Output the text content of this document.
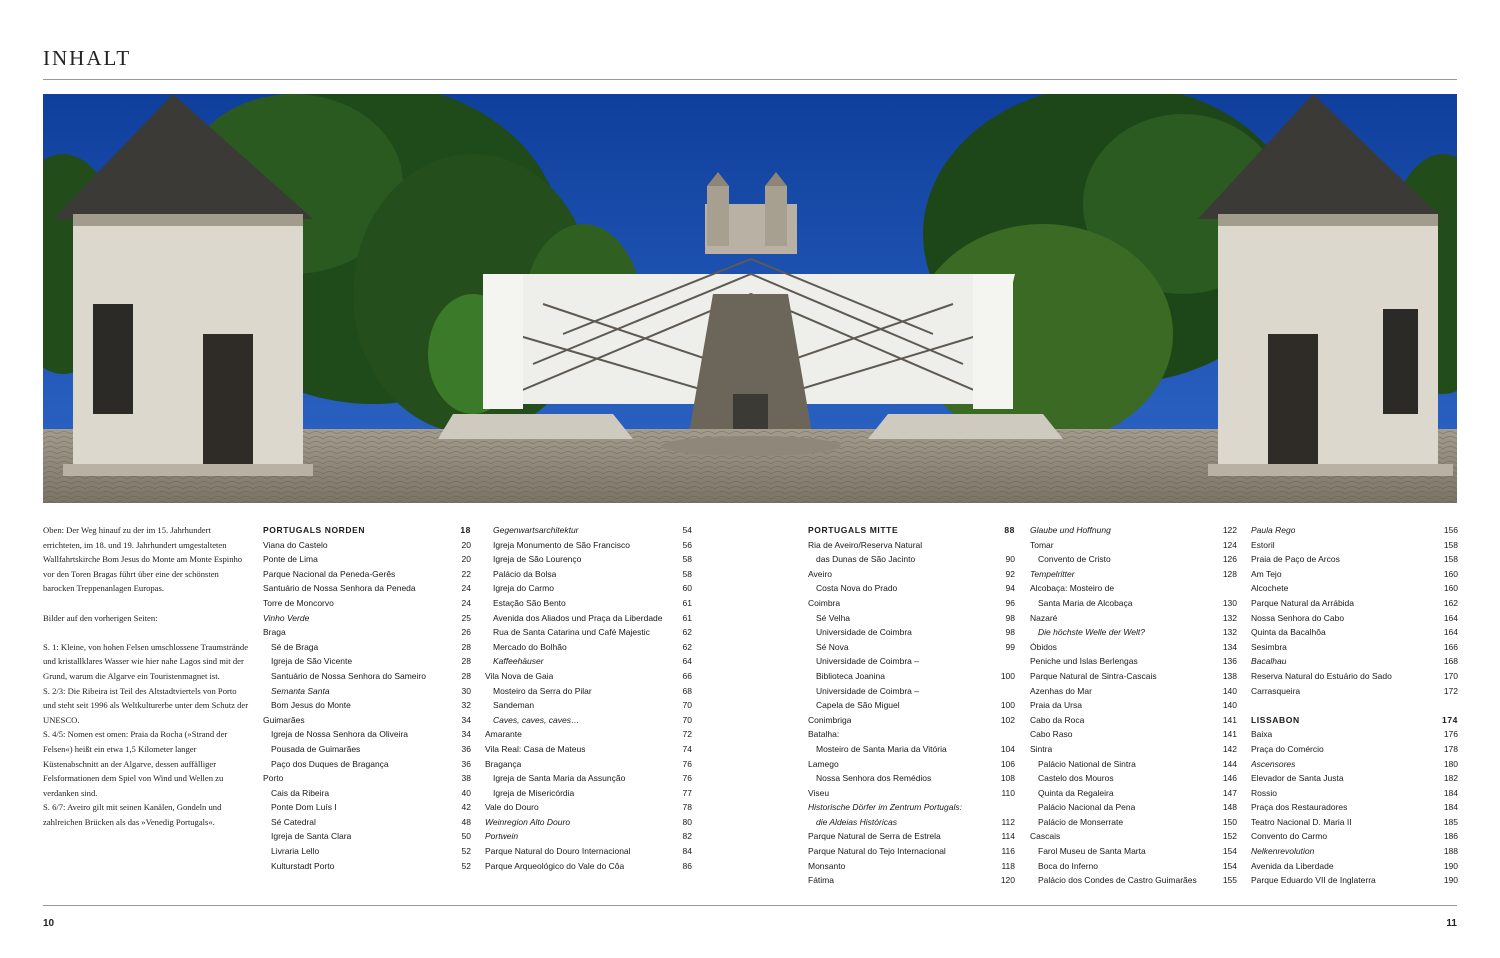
INHALT

Oben: Der Weg hinauf zu der im 15. Jahrhundert errichteten, im 18. und 19. Jahrhundert umgestalteten Wallfahrtskirche Bom Jesus do Monte am Monte Espinho vor den Toren Bragas führt über eine der schönsten barocken Treppenanlagen Europas.

Bilder auf den vorherigen Seiten:

S. 1: Kleine, von hohen Felsen umschlossene Traumstrände und kristallklares Wasser wie hier nahe Lagos sind mit der Grund, warum die Algarve ein Touristenmagnet ist.

S. 2/3: Die Ribeira ist Teil des Altstadtviertels von Porto und steht seit 1996 als Weltkulturerbe unter dem Schutz der UNESCO.

S. 4/5: Nomen est omen: Praia da Rocha (»Strand der Felsen«) heißt ein etwa 1,5 Kilometer langer Küstenabschnitt an der Algarve, dessen auffälliger Felsformationen dem Spiel von Wind und Wellen zu verdanken sind.

S. 6/7: Aveiro gilt mit seinen Kanälen, Gondeln und zahlreichen Brücken als das »Venedig Portugals«.

PORTUGALS NORDEN	18
Viana do Castelo	20
Ponte de Lima	20
Parque Nacional da Peneda-Gerês	22
Santuário de Nossa Senhora da Peneda	24
Torre de Moncorvo	24
Vinho Verde	25
Braga	26
Sé de Braga	28
Igreja de São Vicente	28
Santuário de Nossa Senhora do Sameiro	28
Semanta Santa	30
Bom Jesus do Monte	32
Guimarães	34
Igreja de Nossa Senhora da Oliveira	34
Pousada de Guimarães	36
Paço dos Duques de Bragança	36
Porto	38
Cais da Ribeira	40
Ponte Dom Luís I	42
Sé Catedral	48
Igreja de Santa Clara	50
Livraria Lello	52
Kulturstadt Porto	52
Gegenwartsarchitektur	54
Igreja Monumento de São Francisco	56
Igreja de São Lourenço	58
Palácio da Bolsa	58
Igreja do Carmo	60
Estação São Bento	61
Avenida dos Aliados und Praça da Liberdade	61
Rua de Santa Catarina und Café Majestic	62
Mercado do Bolhão	62
Kaffeehäuser	64
Vila Nova de Gaia	66
Mosteiro da Serra do Pilar	68
Sandeman	70
Caves, caves, caves…	70
Amarante	72
Vila Real: Casa de Mateus	74
Bragança	76
Igreja de Santa Maria da Assunção	76
Igreja de Misericórdia	77
Vale do Douro	78
Weinregion Alto Douro	80
Portwein	82
Parque Natural do Douro Internacional	84
Parque Arqueológico do Vale do Côa	86
PORTUGALS MITTE	88
Ria de Aveiro/Reserva Natural
das Dunas de São Jacinto	90
Aveiro	92
Costa Nova do Prado	94
Coimbra	96
Sé Velha	98
Universidade de Coimbra	98
Sé Nova	99
Universidade de Coimbra –
Biblioteca Joanina	100
Universidade de Coimbra –
Capela de São Miguel	100
Conimbriga	102
Batalha:
Mosteiro de Santa Maria da Vitória	104
Lamego	106
Nossa Senhora dos Remédios	108
Viseu	110
Historische Dörfer im Zentrum Portugals:
die Aldeias Históricas	112
Parque Natural de Serra de Estrela	114
Parque Natural do Tejo Internacional	116
Monsanto	118
Fátima	120
Glaube und Hoffnung	122
Tomar	124
Convento de Cristo	126
Tempelritter	128
Alcobaça: Mosteiro de
Santa Maria de Alcobaça	130
Nazaré	132
Die höchste Welle der Welt?	132
Óbidos	134
Peniche und Islas Berlengas	136
Parque Natural de Sintra-Cascais	138
Azenhas do Mar	140
Praia da Ursa	140
Cabo da Roca	141
Cabo Raso	141
Sintra	142
Palácio National de Sintra	144
Castelo dos Mouros	146
Quinta da Regaleira	147
Palácio Nacional da Pena	148
Palácio de Monserrate	150
Cascais	152
Farol Museu de Santa Marta	154
Boca do Inferno	154
Palácio dos Condes de Castro Guimarães	155
Paula Rego	156
Estoril	158
Praia de Paço de Arcos	158
Am Tejo	160
Alcochete	160
Parque Natural da Arrábida	162
Nossa Senhora do Cabo	164
Quinta da Bacalhôa	164
Sesimbra	166
Bacalhau	168
Reserva Natural do Estuário do Sado	170
Carrasqueira	172
LISSABON	174
Baixa	176
Praça do Comércio	178
Ascensores	180
Elevador de Santa Justa	182
Rossio	184
Praça dos Restauradores	184
Teatro Nacional D. Maria II	185
Convento do Carmo	186
Nelkenrevolution	188
Avenida da Liberdade	190
Parque Eduardo VII de Inglaterra	190
10	11
